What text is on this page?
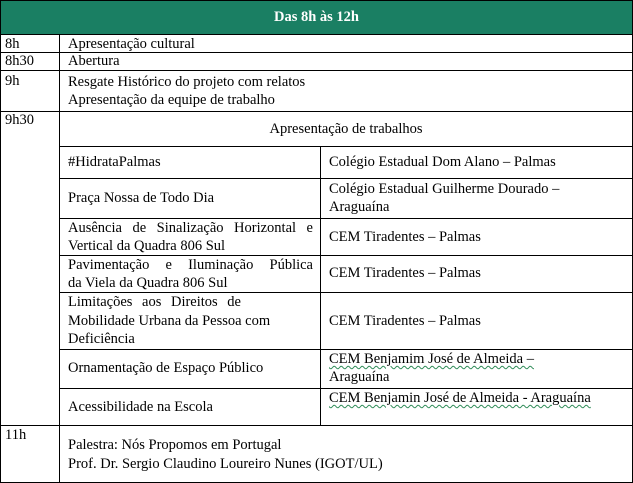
Das 8h às 12h
8h
8h30
9h
9h30
11h
Apresentação cultural
Abertura
Resgate Histórico do projeto com relatos
Apresentação da equipe de trabalho
Apresentação de trabalhos
#HidrataPalmas
Praça Nossa de Todo Dia
Ausência de Sinalização Horizontal e
Vertical da Quadra 806 Sul
Pavimentação e Iluminação Pública
da Viela da Quadra 806 Sul
Limitações aos Direitos de
Mobilidade Urbana da Pessoa com
Deficiência
Ornamentação de Espaço Público
Acessibilidade na Escola
Colégio Estadual Dom Alano – Palmas
Colégio Estadual Guilherme Dourado –
Araguaína
CEM Tiradentes – Palmas
CEM Tiradentes – Palmas
CEM Tiradentes – Palmas
CEM Benjamim José de Almeida –
Araguaína
CEM Benjamin José de Almeida - Araguaína
Palestra: Nós Propomos em Portugal
Prof. Dr. Sergio Claudino Loureiro Nunes (IGOT/UL)
